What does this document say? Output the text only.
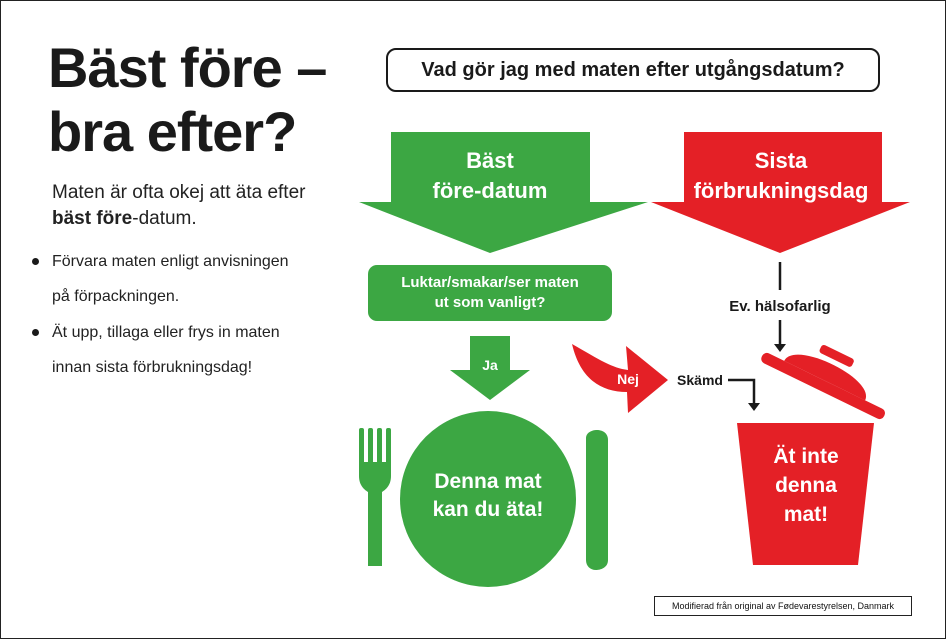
Bäst före –
bra efter?

Maten är ofta okej att äta efter
bäst före-datum.

Förvara maten enligt anvisningen
på förpackningen.
Ät upp, tillaga eller frys in maten
innan sista förbrukningsdag!
Vad gör jag med maten efter utgångsdatum?
Bäst
före-datum
Sista
förbrukningsdag
Luktar/smakar/ser maten
ut som vanligt?
Ja
Nej	Skämd
Ev. hälsofarlig
Denna mat
kan du äta!
Ät inte
denna
mat!
Modifierad från original av Fødevarestyrelsen, Danmark
